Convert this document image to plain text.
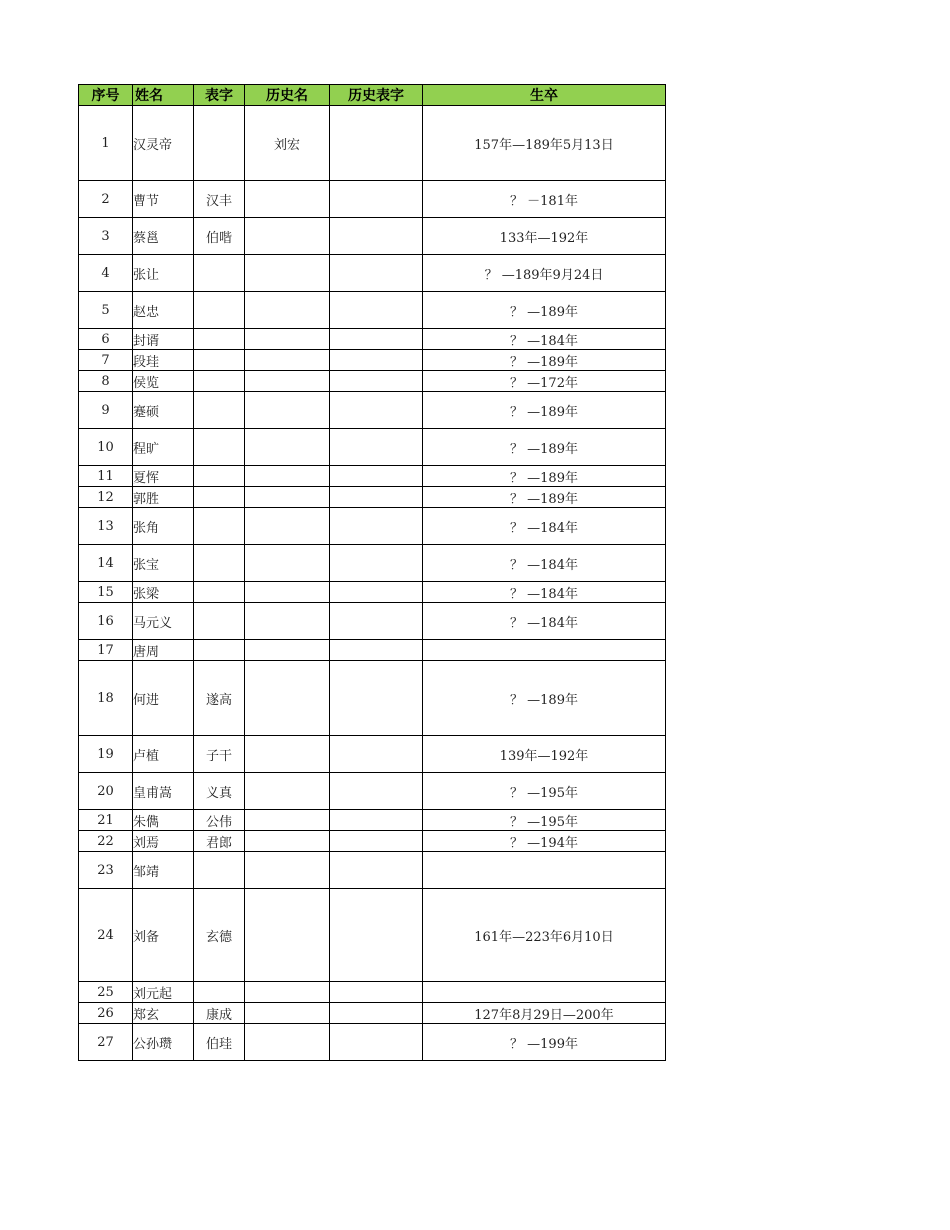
序号	姓名	表字	历史名	历史表字	生卒
1	汉灵帝		刘宏		157年—189年5月13日
2	曹节	汉丰			？ －181年
3	蔡邕	伯喈			133年—192年
4	张让				？ —189年9月24日
5	赵忠				？ —189年
6	封谞				？ —184年
7	段珪				？ —189年
8	侯览				？ —172年
9	蹇硕				？ —189年
10	程旷				？ —189年
11	夏恽				？ —189年
12	郭胜				？ —189年
13	张角				？ —184年
14	张宝				？ —184年
15	张梁				？ —184年
16	马元义				？ —184年
17	唐周				
18	何进	遂高			？ —189年
19	卢植	子干			139年—192年
20	皇甫嵩	义真			？ —195年
21	朱儁	公伟			？ —195年
22	刘焉	君郎			？ —194年
23	邹靖				
24	刘备	玄德			161年—223年6月10日
25	刘元起				
26	郑玄	康成			127年8月29日—200年
27	公孙瓒	伯珪			？ —199年
